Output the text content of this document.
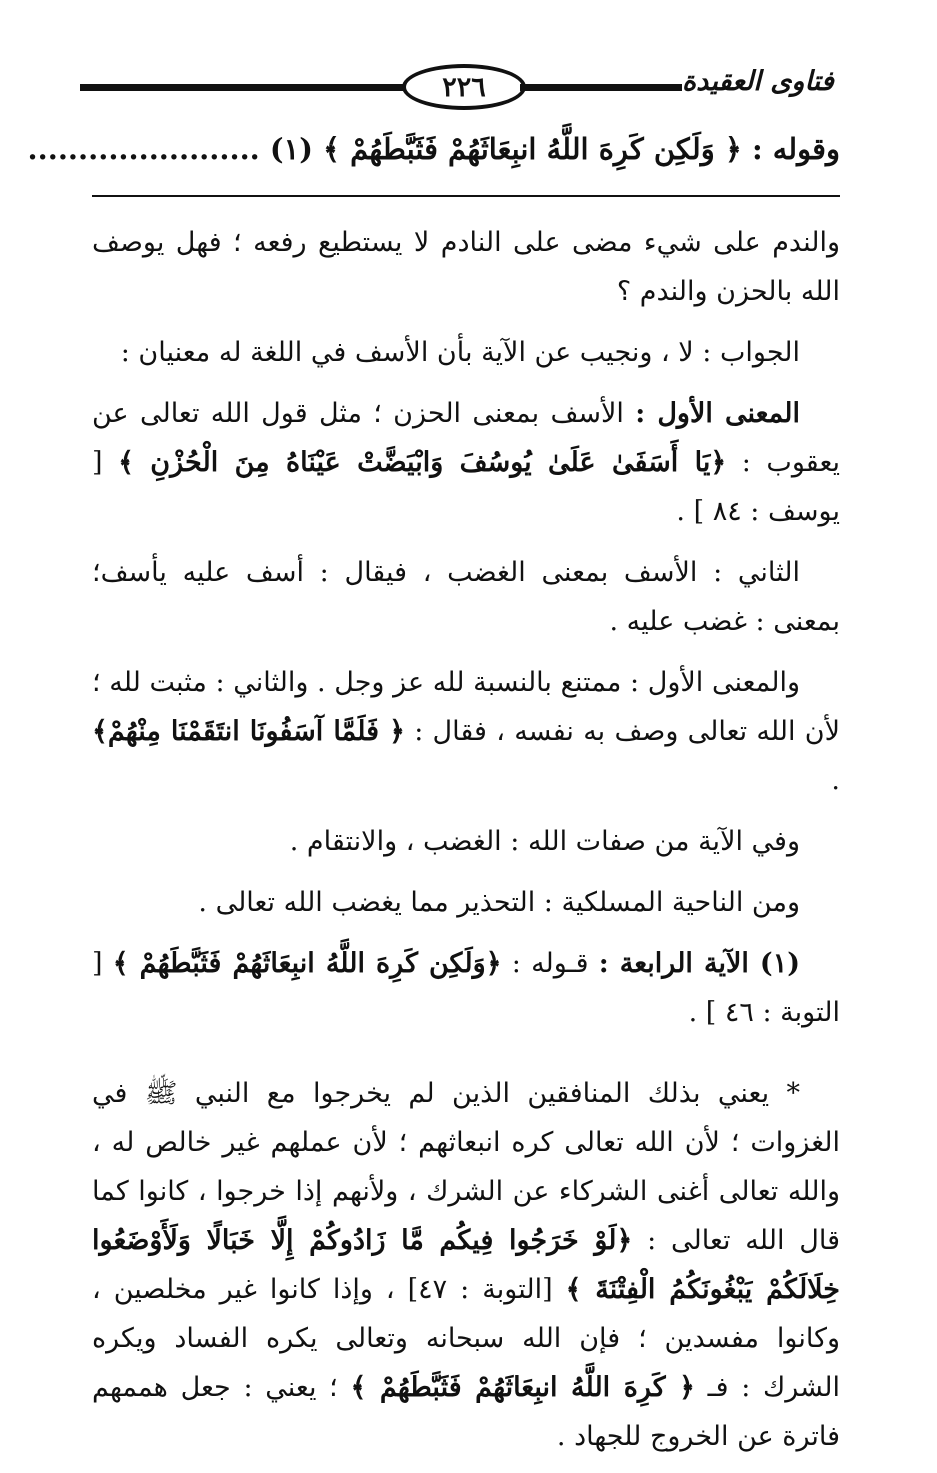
٢٢٦	فتاوى العقيدة
وقوله : ﴿ وَلَكِن كَرِهَ اللَّهُ انبِعَاثَهُمْ فَثَبَّطَهُمْ ﴾ (١) .......................

والندم على شيء مضى على النادم لا يستطيع رفعه ؛ فهل يوصف الله بالحزن والندم ؟

الجواب : لا ، ونجيب عن الآية بأن الأسف في اللغة له معنيان :

المعنى الأول : الأسف بمعنى الحزن ؛ مثل قول الله تعالى عن يعقوب : ﴿يَا أَسَفَىٰ عَلَىٰ يُوسُفَ وَابْيَضَّتْ عَيْنَاهُ مِنَ الْحُزْنِ ﴾ [ يوسف : ٨٤ ] .

الثاني : الأسف بمعنى الغضب ، فيقال : أسف عليه يأسف؛ بمعنى : غضب عليه .

والمعنى الأول : ممتنع بالنسبة لله عز وجل . والثاني : مثبت لله ؛ لأن الله تعالى وصف به نفسه ، فقال : ﴿ فَلَمَّا آسَفُونَا انتَقَمْنَا مِنْهُمْ﴾ .

وفي الآية من صفات الله : الغضب ، والانتقام .

ومن الناحية المسلكية : التحذير مما يغضب الله تعالى .

(١) الآية الرابعة : قـوله : ﴿وَلَكِن كَرِهَ اللَّهُ انبِعَاثَهُمْ فَثَبَّطَهُمْ ﴾ [ التوبة : ٤٦ ] .

* يعني بذلك المنافقين الذين لم يخرجوا مع النبي ﷺ في الغزوات ؛ لأن الله تعالى كره انبعاثهم ؛ لأن عملهم غير خالص له ، والله تعالى أغنى الشركاء عن الشرك ، ولأنهم إذا خرجوا ، كانوا كما قال الله تعالى : ﴿لَوْ خَرَجُوا فِيكُم مَّا زَادُوكُمْ إِلَّا خَبَالًا وَلَأَوْضَعُوا خِلَالَكُمْ يَبْغُونَكُمُ الْفِتْنَةَ ﴾ [التوبة : ٤٧] ، وإذا كانوا غير مخلصين ، وكانوا مفسدين ؛ فإن الله سبحانه وتعالى يكره الفساد ويكره الشرك : فـ ﴿ كَرِهَ اللَّهُ انبِعَاثَهُمْ فَثَبَّطَهُمْ ﴾ ؛ يعني : جعل هممهم فاترة عن الخروج للجهاد .
